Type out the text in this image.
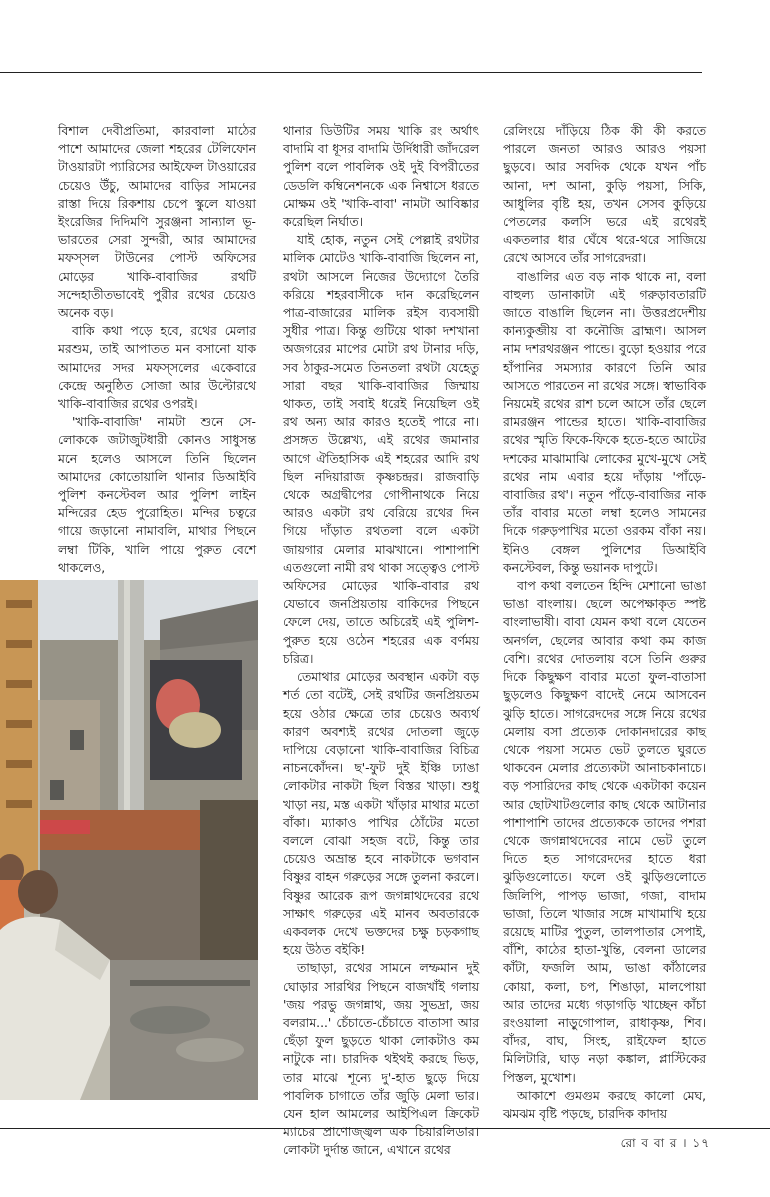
বিশাল দেবীপ্রতিমা, কারবালা মাঠের পাশে আমাদের জেলা শহরের টেলিফোন টাওয়ারটা প্যারিসের আইফেল টাওয়ারের চেয়েও উঁচু, আমাদের বাড়ির সামনের রাস্তা দিয়ে রিকশায় চেপে স্কুলে যাওয়া ইংরেজির দিদিমণি সুরঞ্জনা সান্যাল ভূ-ভারতের সেরা সুন্দরী, আর আমাদের মফস্সল টাউনের পোস্ট অফিসের মোড়ের খাকি-বাবাজির রথটি সন্দেহাতীতভাবেই পুরীর রথের চেয়েও অনেক বড়।

বাকি কথা পড়ে হবে, রথের মেলার মরশুম, তাই আপাতত মন বসানো যাক আমাদের সদর মফস্সলের একেবারে কেন্দ্রে অনুষ্ঠিত সোজা আর উল্টোরথে খাকি-বাবাজির রথের ওপরই।

'খাকি-বাবাজি' নামটা শুনে সে-লোককে জটাজুটধারী কোনও সাধুসন্ত মনে হলেও আসলে তিনি ছিলেন আমাদের কোতোয়ালি থানার ডিআইবি পুলিশ কনস্টেবল আর পুলিশ লাইন মন্দিরের হেড পুরোহিত। মন্দির চত্বরে গায়ে জড়ানো নামাবলি, মাথার পিছনে লম্বা টিকি, খালি পায়ে পুরুত বেশে থাকলেও,

থানার ডিউটির সময় খাকি রং অর্থাৎ বাদামি বা ধূসর বাদামি উর্দিধারী জাঁদরেল পুলিশ বলে পাবলিক ওই দুই বিপরীতের ডেডলি কম্বিনেশনকে এক নিশ্বাসে ধরতে মোক্ষম ওই 'খাকি-বাবা' নামটা আবিষ্কার করেছিল নির্ঘাত।

যাই হোক, নতুন সেই পেল্লাই রথটার মালিক মোটেও খাকি-বাবাজি ছিলেন না, রথটা আসলে নিজের উদ্যোগে তৈরি করিয়ে শহরবাসীকে দান করেছিলেন পাত্র-বাজারের মালিক রইস ব্যবসায়ী সুধীর পাত্র। কিন্তু গুটিয়ে থাকা দশখানা অজগরের মাপের মোটা রথ টানার দড়ি, সব ঠাকুর-সমেত তিনতলা রথটা যেহেতু সারা বছর খাকি-বাবাজির জিম্মায় থাকত, তাই সবাই ধরেই নিয়েছিল ওই রথ অন্য আর কারও হতেই পারে না। প্রসঙ্গত উল্লেখ্য, এই রথের জমানার আগে ঐতিহাসিক এই শহরের আদি রথ ছিল নদিয়ারাজ কৃষ্ণচন্দ্রর। রাজবাড়ি থেকে অগ্রদ্বীপের গোপীনাথকে নিয়ে আরও একটা রথ বেরিয়ে রথের দিন গিয়ে দাঁড়াত রথতলা বলে একটা জায়গার মেলার মাঝখানে। পাশাপাশি এতগুলো নামী রথ থাকা সত্ত্বেও পোস্ট অফিসের মোড়ের খাকি-বাবার রথ যেভাবে জনপ্রিয়তায় বাকিদের পিছনে ফেলে দেয়, তাতে অচিরেই এই পুলিশ-পুরুত হয়ে ওঠেন শহরের এক বর্ণময় চরিত্র।

তেমাথার মোড়ের অবস্থান একটা বড় শর্ত তো বটেই, সেই রথটির জনপ্রিয়তম হয়ে ওঠার ক্ষেত্রে তার চেয়েও অব্যর্থ কারণ অবশ্যই রথের দোতলা জুড়ে দাপিয়ে বেড়ানো খাকি-বাবাজির বিচিত্র নাচনকোঁদন। ছ'-ফুট দুই ইঞ্চি ঢ্যাঙা লোকটার নাকটা ছিল বিস্তর খাড়া। শুধু খাড়া নয়, মস্ত একটা খাঁড়ার মাথার মতো বাঁকা। ম্যাকাও পাখির ঠোঁটের মতো বললে বোঝা সহজ বটে, কিন্তু তার চেয়েও অভ্রান্ত হবে নাকটাকে ভগবান বিষ্ণুর বাহন গরুড়ের সঙ্গে তুলনা করলে। বিষ্ণুর আরেক রূপ জগন্নাথদেবের রথে সাক্ষাৎ গরুড়ের এই মানব অবতারকে একবলক দেখে ভক্তদের চক্ষু চড়কগাছ হয়ে উঠত বইকি!

তাছাড়া, রথের সামনে লম্ফমান দুই ঘোড়ার সারথির পিছনে বাজখাঁই গলায় 'জয় পরভু জগন্নাথ, জয় সুভদ্রা, জয় বলরাম...' চেঁচাতে-চেঁচাতে বাতাসা আর ছেঁড়া ফুল ছুড়তে থাকা লোকটাও কম নাটুকে না। চারদিক থইথই করছে ভিড়, তার মাঝে শূন্যে দু'-হাত ছুড়ে দিয়ে পাবলিক চাগাতে তাঁর জুড়ি মেলা ভার। যেন হাল আমলের আইপিএল ক্রিকেট ম্যাচের প্রাণোজ্জ্বল এক চিয়ারলিডার। লোকটা দুর্দান্ত জানে, এখানে রথের

রেলিংয়ে দাঁড়িয়ে ঠিক কী কী করতে পারলে জনতা আরও আরও পয়সা ছুড়বে। আর সবদিক থেকে যখন পাঁচ আনা, দশ আনা, কুড়ি পয়সা, সিকি, আধুলির বৃষ্টি হয়, তখন সেসব কুড়িয়ে পেতলের কলসি ভরে এই রথেরই একতলার ধার ঘেঁষে থরে-থরে সাজিয়ে রেখে আসবে তাঁর সাগরেদরা।

বাঙালির এত বড় নাক থাকে না, বলা বাহুল্য ডানাকাটা এই গরুড়াবতারটি জাতে বাঙালি ছিলেন না। উত্তরপ্রদেশীয় কান্যকুব্জীয় বা কনৌজি ব্রাহ্মণ। আসল নাম দশরথরঞ্জন পান্ডে। বুড়ো হওয়ার পরে হাঁপানির সমস্যার কারণে তিনি আর আসতে পারতেন না রথের সঙ্গে। স্বাভাবিক নিয়মেই রথের রাশ চলে আসে তাঁর ছেলে রামরঞ্জন পান্ডের হাতে। খাকি-বাবাজির রথের স্মৃতি ফিকে-ফিকে হতে-হতে আটের দশকের মাঝামাঝি লোকের মুখে-মুখে সেই রথের নাম এবার হয়ে দাঁড়ায় 'পাঁড়ে-বাবাজির রথ'। নতুন পাঁড়ে-বাবাজির নাক তাঁর বাবার মতো লম্বা হলেও সামনের দিকে গরুড়পাখির মতো ওরকম বাঁকা নয়। ইনিও বেঙ্গল পুলিশের ডিআইবি কনস্টেবল, কিন্তু ভয়ানক দাপুটে।

বাপ কথা বলতেন হিন্দি মেশানো ভাঙা ভাঙা বাংলায়। ছেলে অপেক্ষাকৃত স্পষ্ট বাংলাভাষী। বাবা যেমন কথা বলে যেতেন অনর্গল, ছেলের আবার কথা কম কাজ বেশি। রথের দোতলায় বসে তিনি গুরুর দিকে কিছুক্ষণ বাবার মতো ফুল-বাতাসা ছুড়লেও কিছুক্ষণ বাদেই নেমে আসবেন ঝুড়ি হাতে। সাগরেদদের সঙ্গে নিয়ে রথের মেলায় বসা প্রত্যেক দোকানদারের কাছ থেকে পয়সা সমেত ভেট তুলতে ঘুরতে থাকবেন মেলার প্রত্যেকটা আনাচকানাচে। বড় পসারিদের কাছ থেকে একটাকা কয়েন আর ছোটখাটগুলোর কাছ থেকে আটানার পাশাপাশি তাদের প্রত্যেককে তাদের পশরা থেকে জগন্নাথদেবের নামে ভেট তুলে দিতে হত সাগরেদদের হাতে ধরা ঝুড়িগুলোতে। ফলে ওই ঝুড়িগুলোতে জিলিপি, পাপড় ভাজা, গজা, বাদাম ভাজা, তিলে খাজার সঙ্গে মাখামাখি হয়ে রয়েছে মাটির পুতুল, তালপাতার সেপাই, বাঁশি, কাঠের হাতা-খুন্তি, বেলনা ডালের কাঁটা, ফজলি আম, ভাঙা কাঁঠালের কোয়া, কলা, চপ, শিঙাড়া, মালপোয়া আর তাদের মধ্যে গড়াগড়ি খাচ্ছেন কাঁচা রংওয়ালা নাড়ুগোপাল, রাধাকৃষ্ণ, শিব। বাঁদর, বাঘ, সিংহ, রাইফেল হাতে মিলিটারি, ঘাড় নড়া কঙ্কাল, প্লাস্টিকের পিস্তল, মুখোশ।

আকাশে গুমগুম করছে কালো মেঘ, ঝমঝম বৃষ্টি পড়ছে, চারদিক কাদায়

রো ব বা র । ১৭
